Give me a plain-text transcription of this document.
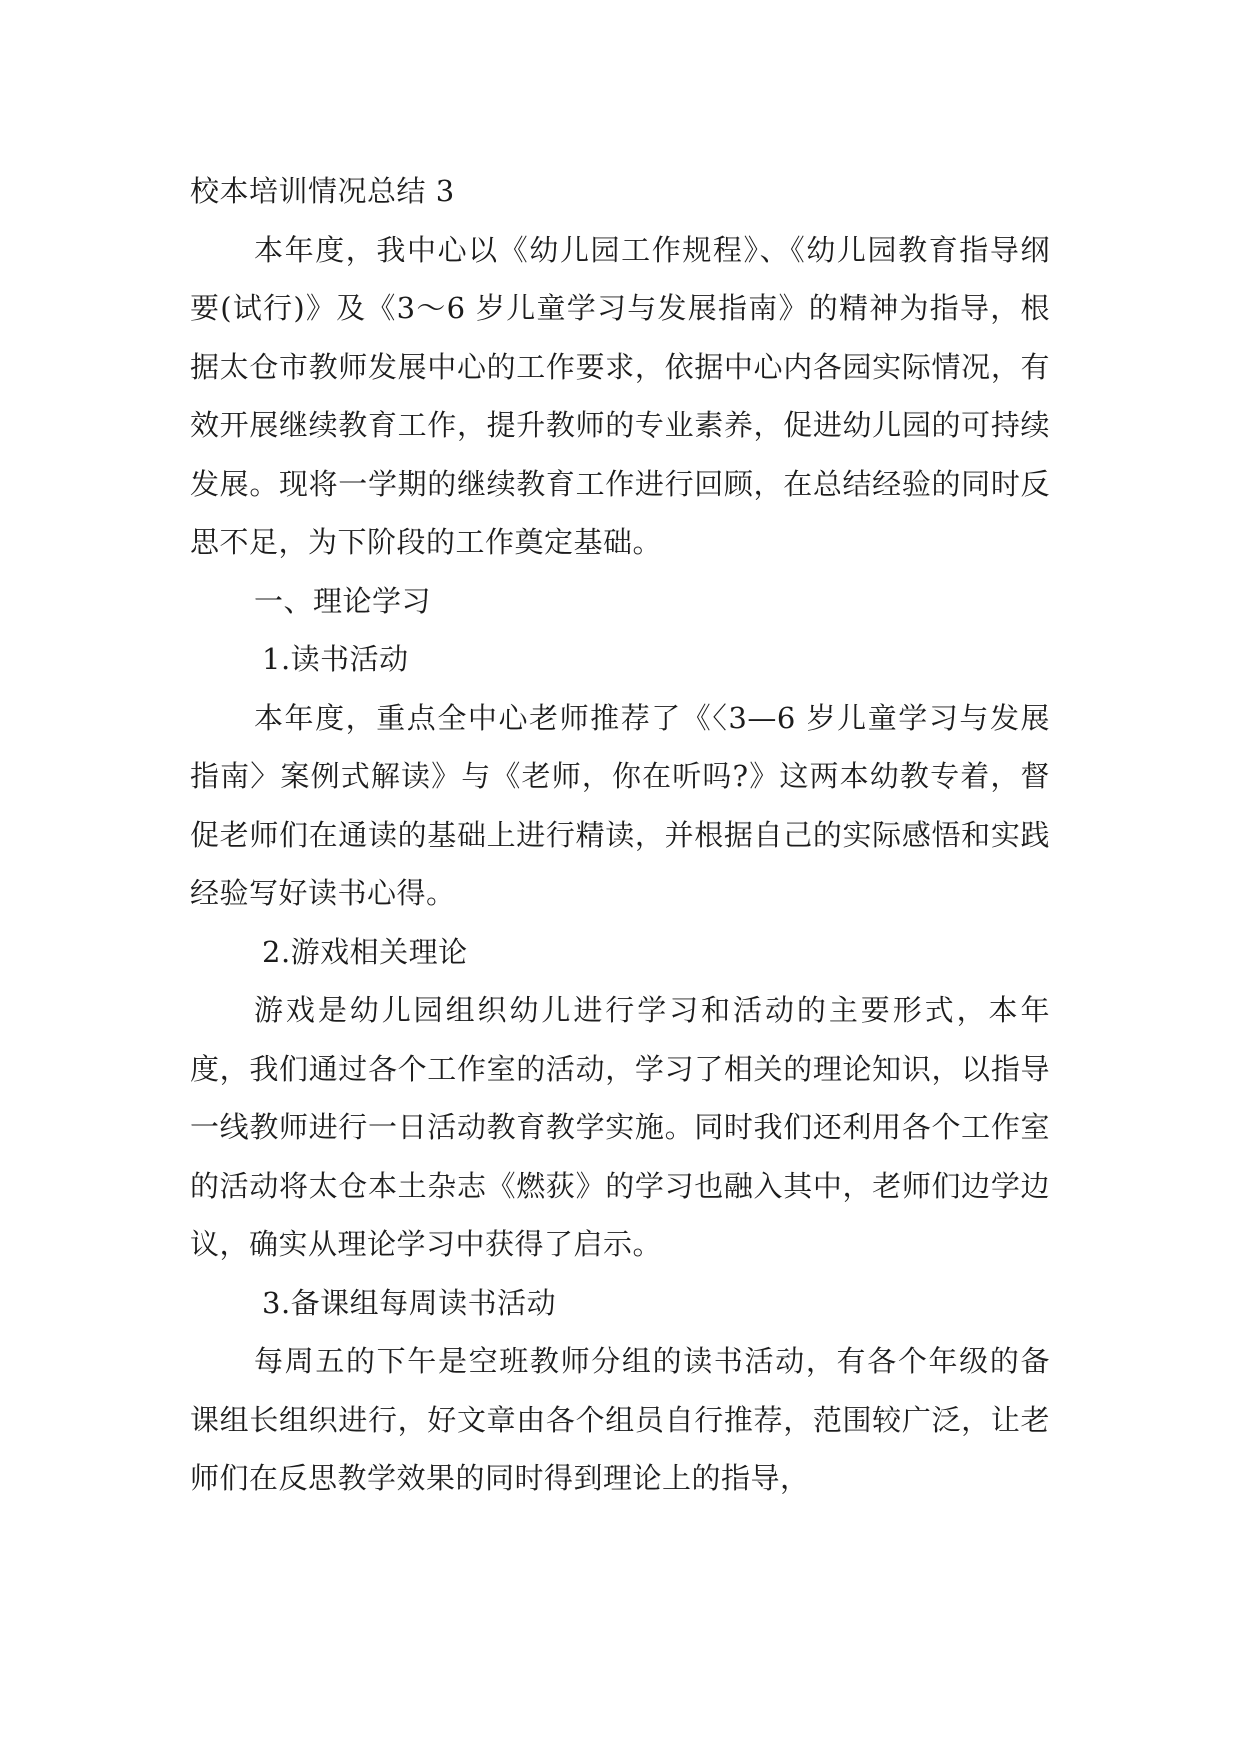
校本培训情况总结 3

本年度，我中心以《幼儿园工作规程》、《幼儿园教育指导纲要(试行)》及《3～6 岁儿童学习与发展指南》的精神为指导，根据太仓市教师发展中心的工作要求，依据中心内各园实际情况，有效开展继续教育工作，提升教师的专业素养，促进幼儿园的可持续发展。现将一学期的继续教育工作进行回顾，在总结经验的同时反思不足，为下阶段的工作奠定基础。

一、理论学习

1.读书活动

本年度，重点全中心老师推荐了《〈3—6 岁儿童学习与发展指南〉案例式解读》与《老师，你在听吗?》这两本幼教专着，督促老师们在通读的基础上进行精读，并根据自己的实际感悟和实践经验写好读书心得。

2.游戏相关理论

游戏是幼儿园组织幼儿进行学习和活动的主要形式，本年度，我们通过各个工作室的活动，学习了相关的理论知识，以指导一线教师进行一日活动教育教学实施。同时我们还利用各个工作室的活动将太仓本土杂志《燃荻》的学习也融入其中，老师们边学边议，确实从理论学习中获得了启示。

3.备课组每周读书活动

每周五的下午是空班教师分组的读书活动，有各个年级的备课组长组织进行，好文章由各个组员自行推荐，范围较广泛，让老师们在反思教学效果的同时得到理论上的指导，
